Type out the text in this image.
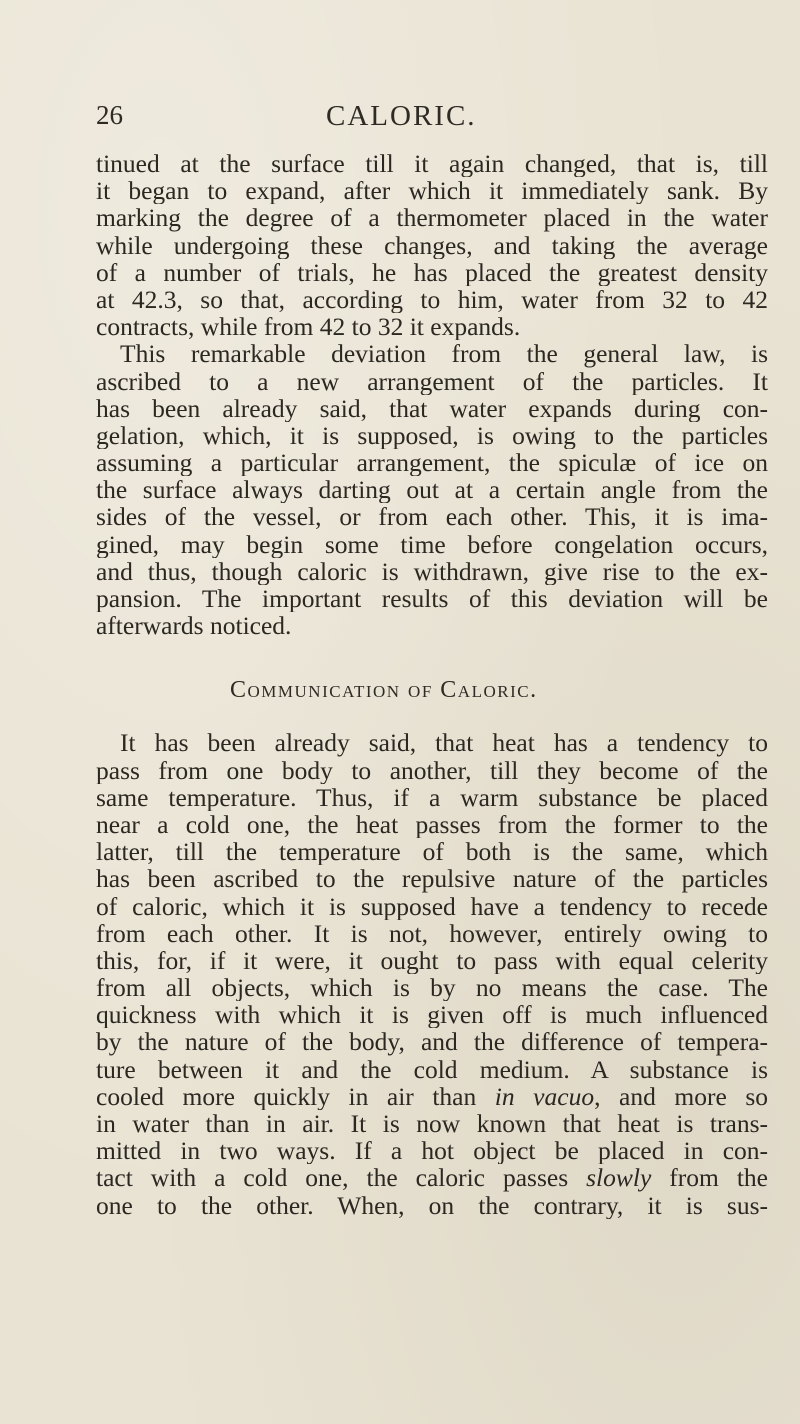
26	CALORIC.
tinued at the surface till it again changed, that is, till
it began to expand, after which it immediately sank. By
marking the degree of a thermometer placed in the water
while undergoing these changes, and taking the average
of a number of trials, he has placed the greatest density
at 42.3, so that, according to him, water from 32 to 42
contracts, while from 42 to 32 it expands.
This remarkable deviation from the general law, is
ascribed to a new arrangement of the particles. It
has been already said, that water expands during con-
gelation, which, it is supposed, is owing to the particles
assuming a particular arrangement, the spiculæ of ice on
the surface always darting out at a certain angle from the
sides of the vessel, or from each other. This, it is ima-
gined, may begin some time before congelation occurs,
and thus, though caloric is withdrawn, give rise to the ex-
pansion. The important results of this deviation will be
afterwards noticed.
Communication of Caloric.
It has been already said, that heat has a tendency to
pass from one body to another, till they become of the
same temperature. Thus, if a warm substance be placed
near a cold one, the heat passes from the former to the
latter, till the temperature of both is the same, which
has been ascribed to the repulsive nature of the particles
of caloric, which it is supposed have a tendency to recede
from each other. It is not, however, entirely owing to
this, for, if it were, it ought to pass with equal celerity
from all objects, which is by no means the case. The
quickness with which it is given off is much influenced
by the nature of the body, and the difference of tempera-
ture between it and the cold medium. A substance is
cooled more quickly in air than in vacuo, and more so
in water than in air. It is now known that heat is trans-
mitted in two ways. If a hot object be placed in con-
tact with a cold one, the caloric passes slowly from the
one to the other. When, on the contrary, it is sus-
